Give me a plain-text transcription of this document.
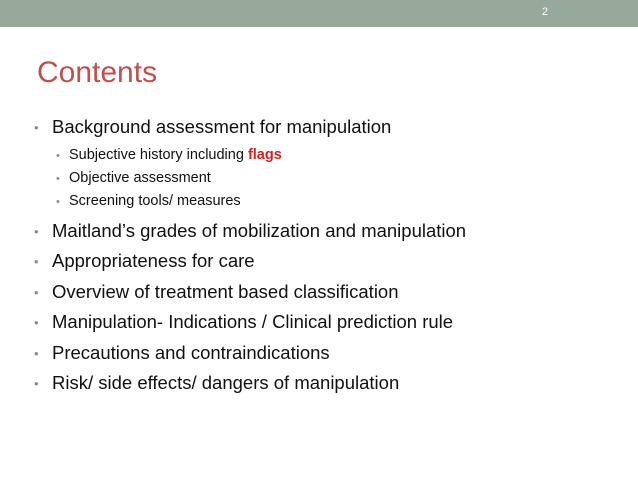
2
Contents
• Background assessment for manipulation
• Subjective history including flags
• Objective assessment
• Screening tools/ measures
• Maitland’s grades of mobilization and manipulation
• Appropriateness for care
• Overview of treatment based classification
• Manipulation- Indications / Clinical prediction rule
• Precautions and contraindications
• Risk/ side effects/ dangers of manipulation
